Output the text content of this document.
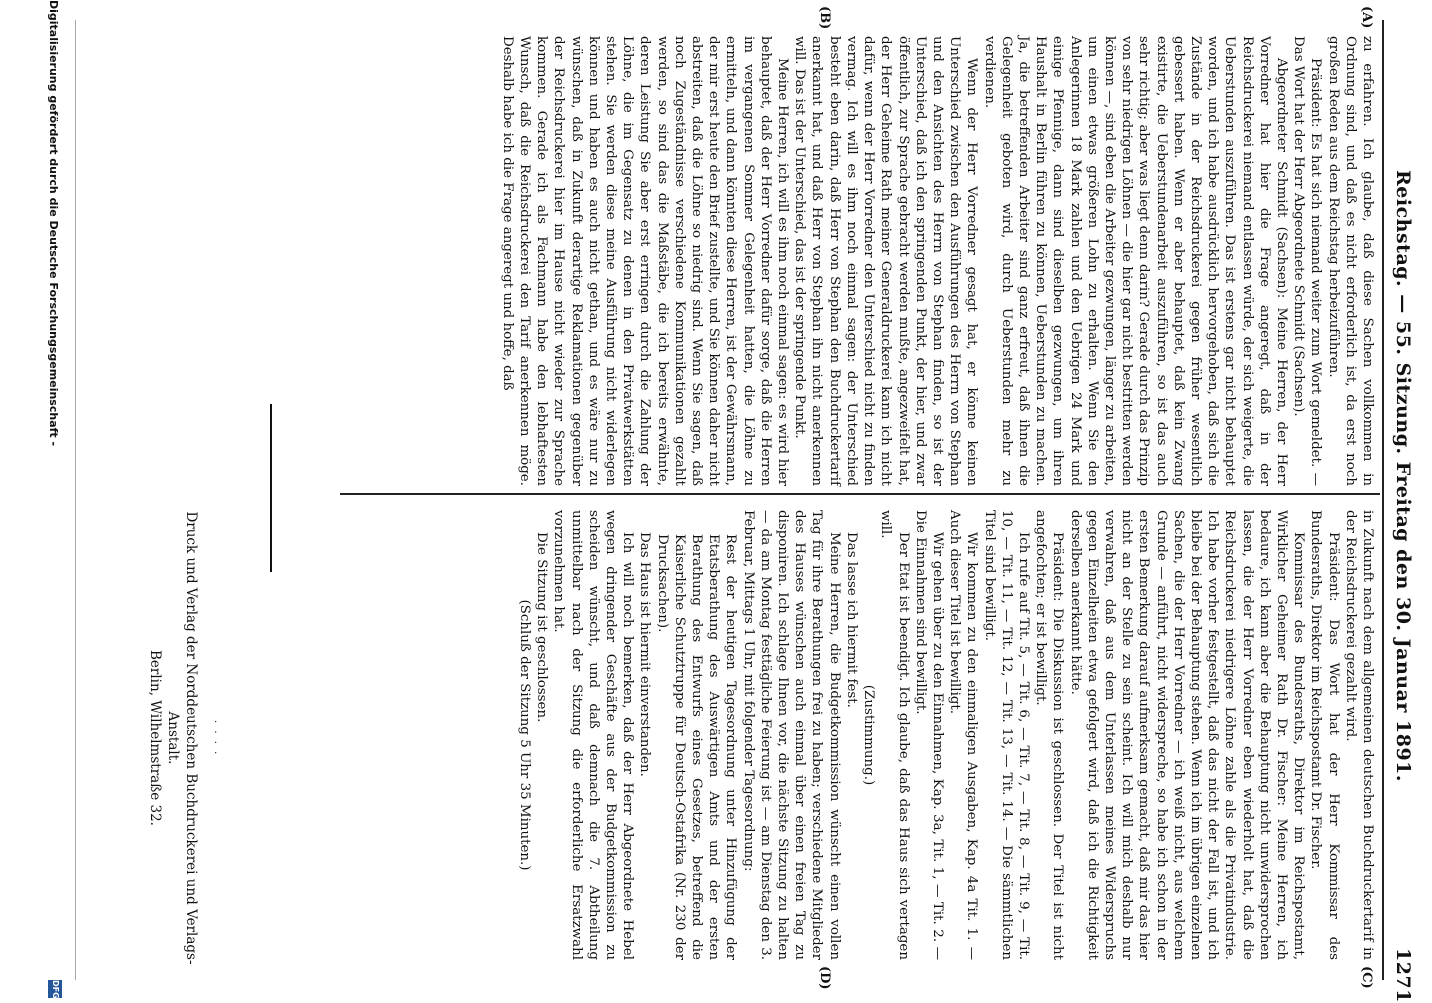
Reichstag. — 55. Sitzung. Freitag den 30. Januar 1891.
1271
(A)
(B)
(C)
(D)

zu erfahren. Ich glaube, daß diese Sachen vollkommen in Ordnung sind, und daß es nicht erforderlich ist, da erst noch großen Reden aus dem Reichstag herbeizuführen.

Präsident: Es hat sich niemand weiter zum Wort gemeldet. — Das Wort hat der Herr Abgeordnete Schmidt (Sachsen).

Abgeordneter Schmidt (Sachsen): Meine Herren, der Herr Vorredner hat hier die Frage angeregt, daß in der Reichsdruckerei niemand entlassen würde, der sich weigerte, die Ueberstunden auszuführen. Das ist erstens gar nicht behauptet worden, und ich habe ausdrücklich hervorgehoben, daß sich die Zustände in der Reichsdruckerei gegen früher wesentlich gebessert haben. Wenn er aber behauptet, daß kein Zwang existirte, die Ueberstundenarbeit auszuführen, so ist das auch sehr richtig; aber was liegt denn darin? Gerade durch das Prinzip von sehr niedrigen Löhnen — die hier gar nicht bestritten werden können —, sind eben die Arbeiter gezwungen, länger zu arbeiten, um einen etwas größeren Lohn zu erhalten. Wenn Sie den Anlegerinnen 18 Mark zahlen und den Uebrigen 24 Mark und einige Pfennige, dann sind dieselben gezwungen, um ihren Haushalt in Berlin führen zu können, Ueberstunden zu machen. Ja, die betreffenden Arbeiter sind ganz erfreut, daß ihnen die Gelegenheit geboten wird, durch Ueberstunden mehr zu verdienen.

Wenn der Herr Vorredner gesagt hat, er könne keinen Unterschied zwischen den Ausführungen des Herrn von Stephan und den Ansichten des Herrn von Stephan finden, so ist der Unterschied, daß ich den springenden Punkt, der hier, und zwar öffentlich, zur Sprache gebracht werden mußte, angezweifelt hat, der Herr Geheime Rath meiner Generaldruckerei kann ich nicht dafür, wenn der Herr Vorredner den Unterschied nicht zu finden vermag. Ich will es ihm noch einmal sagen: der Unterschied besteht eben darin, daß Herr von Stephan den Buchdruckertarif anerkannt hat, und daß Herr von Stephan ihn nicht anerkennen will. Das ist der Unterschied, das ist der springende Punkt.

Meine Herren, ich will es ihm noch einmal sagen: es wird hier behauptet, daß der Herr Vorredner dafür sorge, daß die Herren im vergangenen Sommer Gelegenheit hatten, die Löhne zu ermitteln, und dann könnten diese Herren, ist der Gewährsmann, der mir erst heute den Brief zustellte, und Sie können daher nicht abstreiten, daß die Löhne so niedrig sind. Wenn Sie sagen, daß noch Zugeständnisse verschiedene Kommunikationen gezahlt werden, so sind das die Maßstäbe, die ich bereits erwähnte, deren Leistung Sie aber erst erringen durch die Zahlung der Löhne, die im Gegensatz zu denen in den Privatwerkstätten stehen. Sie werden diese meine Ausführung nicht widerlegen können und haben es auch nicht gethan, und es wäre nur zu wünschen, daß in Zukunft derartige Reklamationen gegenüber der Reichsdruckerei hier im Hause nicht wieder zur Sprache kommen. Gerade ich als Fachmann habe den lebhaftesten Wunsch, daß die Reichsdruckerei den Tarif anerkennen möge. Deshalb habe ich die Frage angeregt und hoffe, daß

in Zukunft nach dem allgemeinen deutschen Buchdruckertarif in der Reichsdruckerei gezahlt wird.

Präsident: Das Wort hat der Herr Kommissar des Bundesraths, Direktor im Reichspostamt Dr. Fischer.

Kommissar des Bundesraths, Direktor im Reichspostamt, Wirklicher Geheimer Rath Dr. Fischer: Meine Herren, ich bedaure, ich kann aber die Behauptung nicht unwidersprochen lassen, die der Herr Vorredner eben wiederholt hat, daß die Reichsdruckerei niedrigere Löhne zahle als die Privatindustrie. Ich habe vorher festgestellt, daß das nicht der Fall ist, und ich bleibe bei der Behauptung stehen. Wenn ich im übrigen einzelnen Sachen, die der Herr Vorredner — ich weiß nicht, aus welchem Grunde — anführt, nicht widerspreche, so habe ich schon in der ersten Bemerkung darauf aufmerksam gemacht, daß mir das hier nicht an der Stelle zu sein scheint. Ich will mich deshalb nur verwahren, daß aus dem Unterlassen meines Widerspruchs gegen Einzelheiten etwa gefolgert wird, daß ich die Richtigkeit derselben anerkannt hätte.

Präsident: Die Diskussion ist geschlossen. Der Titel ist nicht angefochten; er ist bewilligt.

Ich rufe auf Tit. 5, — Tit. 6, — Tit. 7, — Tit. 8, — Tit. 9, — Tit. 10, — Tit. 11, — Tit. 12, — Tit. 13, — Tit. 14. — Die sämmtlichen Titel sind bewilligt.

Wir kommen zu den einmaligen Ausgaben, Kap. 4a Tit. 1. — Auch dieser Titel ist bewilligt.

Wir gehen über zu den Einnahmen, Kap. 3a, Tit. 1, — Tit. 2. — Die Einnahmen sind bewilligt.

Der Etat ist beendigt. Ich glaube, daß das Haus sich vertagen will.

(Zustimmung.)

Das lasse ich hiermit fest.

Meine Herren, die Budgetkommission wünscht einen vollen Tag für ihre Berathungen frei zu haben; verschiedene Mitglieder des Hauses wünschen auch einmal über einen freien Tag zu disponiren. Ich schlage Ihnen vor, die nächste Sitzung zu halten — da am Montag festtägliche Feierung ist — am Dienstag den 3. Februar, Mittags 1 Uhr, mit folgender Tagesordnung:

Rest der heutigen Tagesordnung unter Hinzufügung der Etatsberathung des Auswärtigen Amts und der ersten Berathung des Entwurfs eines Gesetzes, betreffend die Kaiserliche Schutztruppe für Deutsch-Ostafrika (Nr. 230 der Drucksachen).

Das Haus ist hiermit einverstanden.

Ich will noch bemerken, daß der Herr Abgeordnete Hebel wegen dringender Geschäfte aus der Budgetkommission zu scheiden wünscht, und daß demnach die 7. Abtheilung unmittelbar nach der Sitzung die erforderliche Ersatzwahl vorzunehmen hat.

Die Sitzung ist geschlossen.

(Schluß der Sitzung 5 Uhr 35 Minuten.)

Druck und Verlag der Norddeutschen Buchdruckerei und Verlags-Anstalt.
Berlin, Wilhelmstraße 32.	· · · ·
Digitalisierung gefördert durch die Deutsche Forschungsgemeinschaft -
DFG
